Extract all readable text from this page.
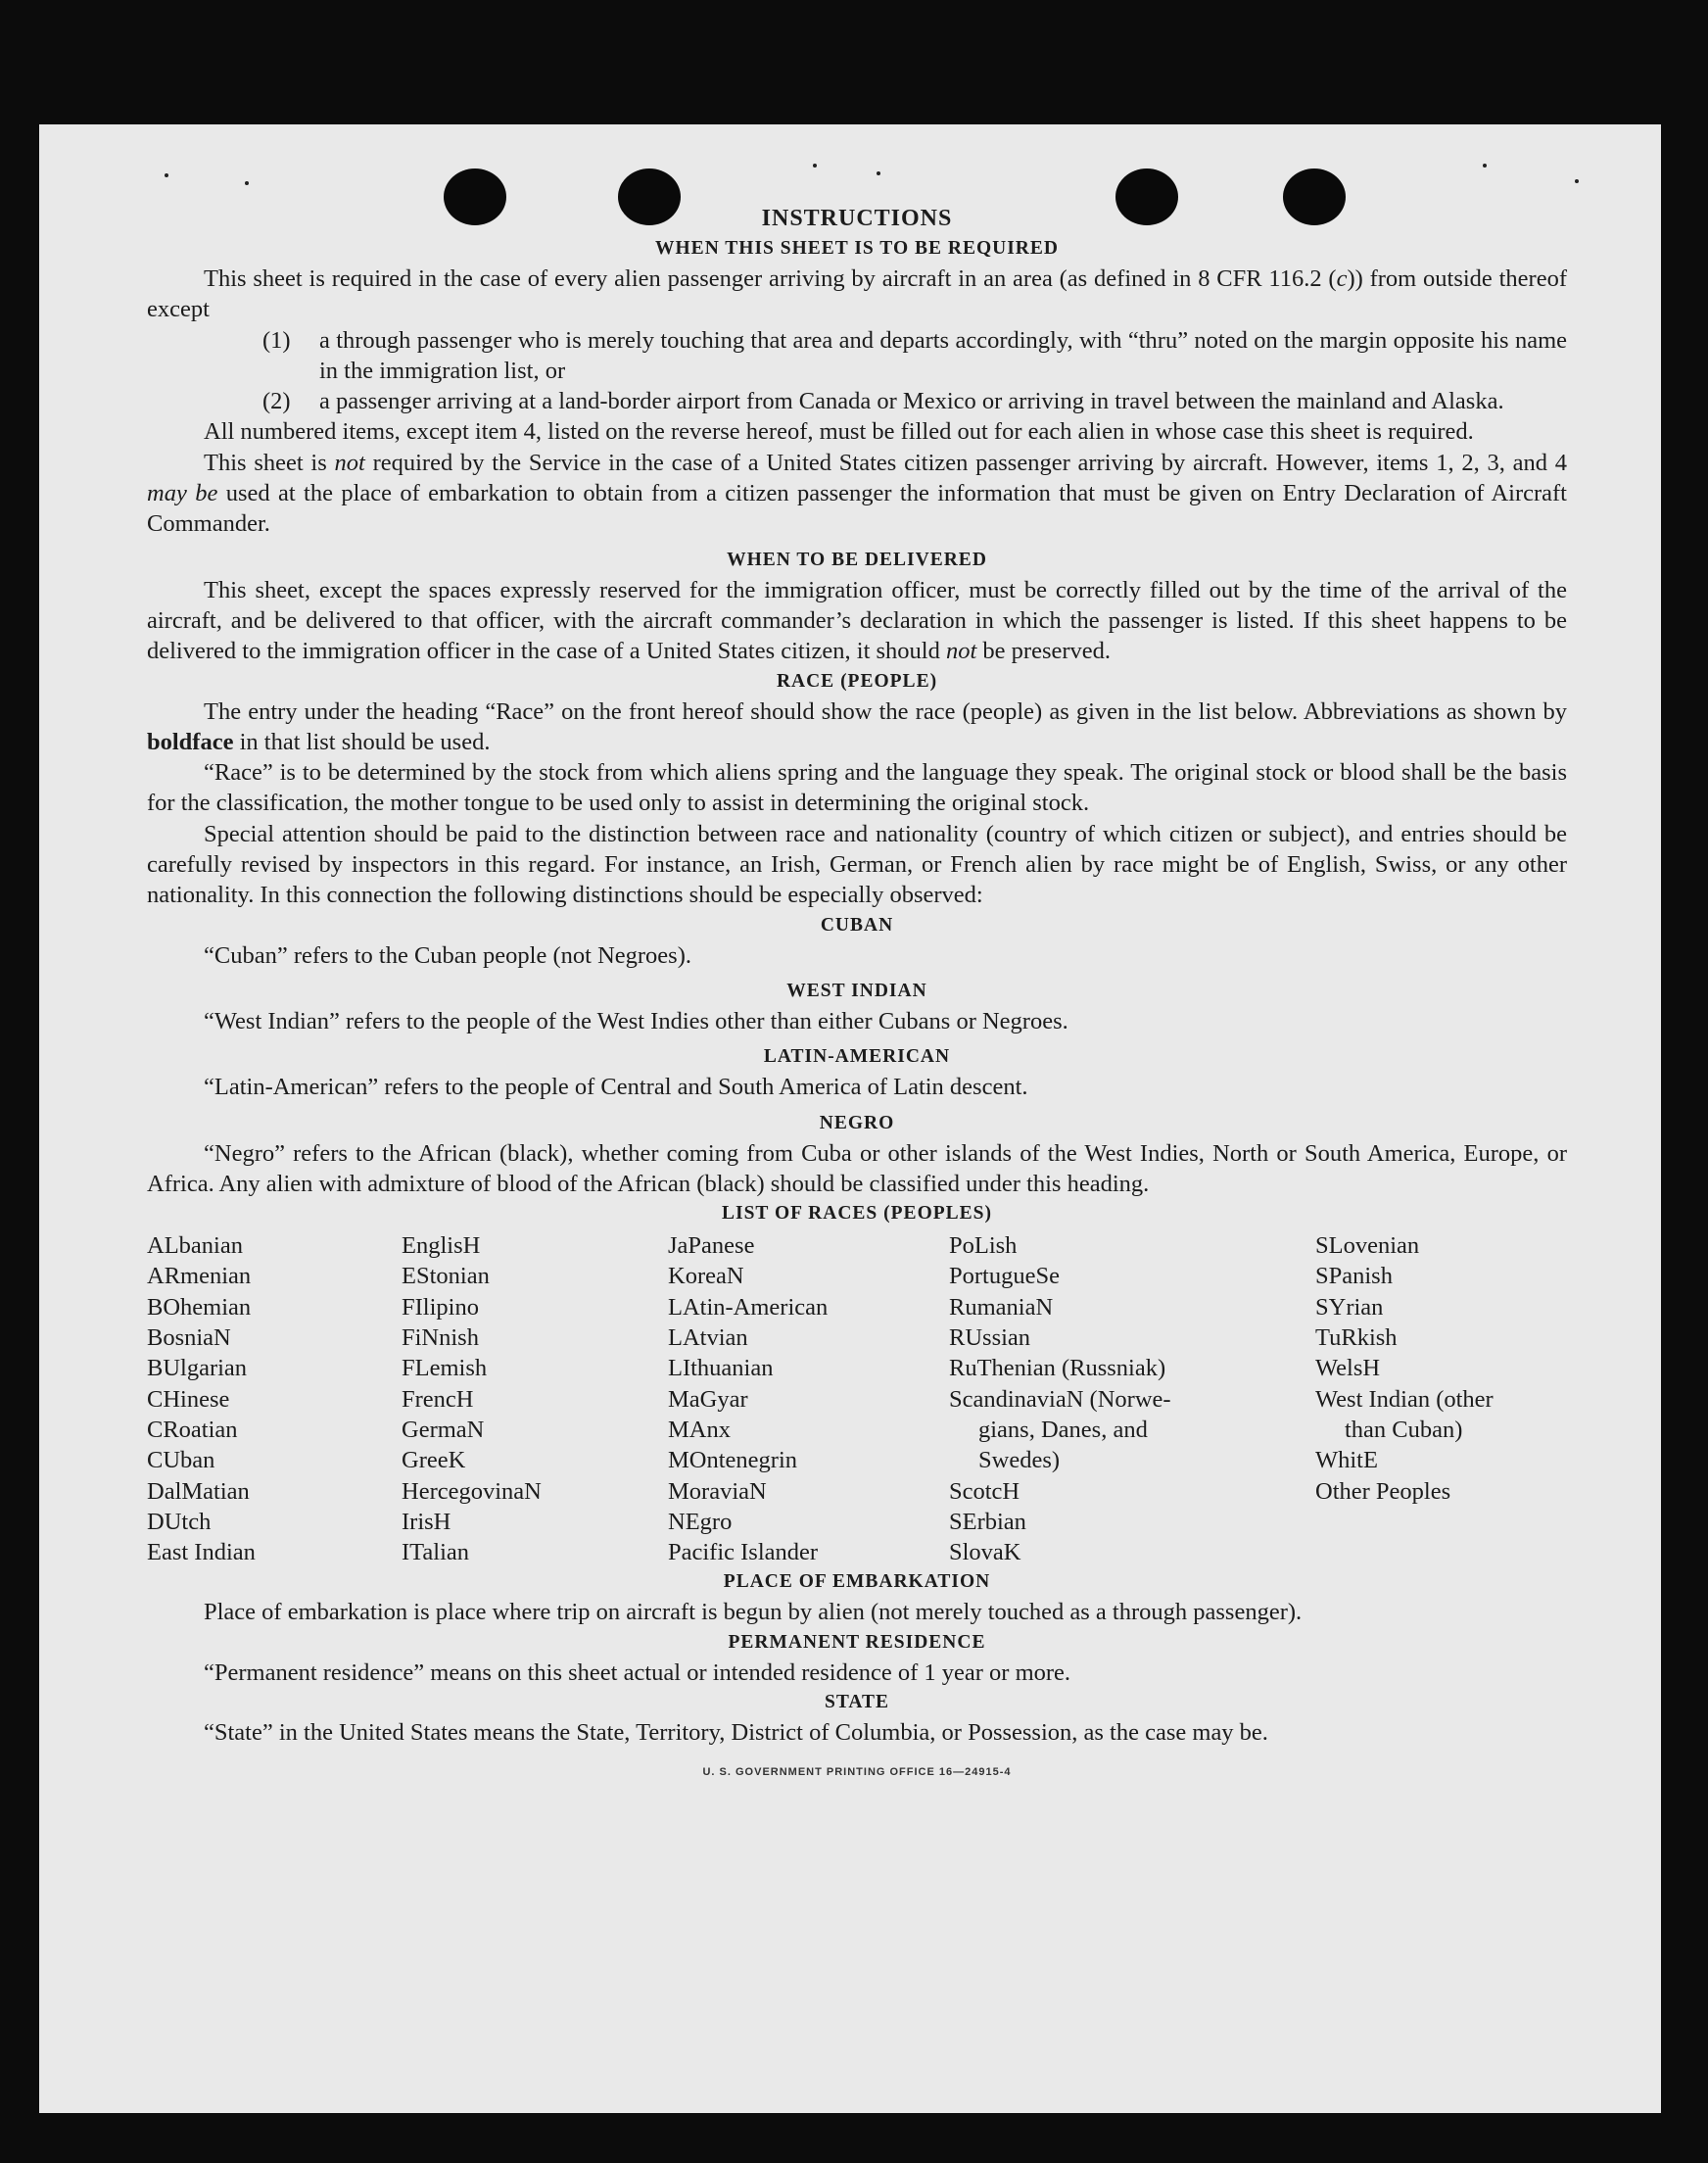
INSTRUCTIONS
WHEN THIS SHEET IS TO BE REQUIRED

This sheet is required in the case of every alien passenger arriving by aircraft in an area (as defined in 8 CFR 116.2 (c)) from outside thereof except

(1)	a through passenger who is merely touching that area and departs accordingly, with “thru” noted on the margin opposite his name in the immigration list, or
(2)	a passenger arriving at a land-border airport from Canada or Mexico or arriving in travel between the mainland and Alaska.

All numbered items, except item 4, listed on the reverse hereof, must be filled out for each alien in whose case this sheet is required.

This sheet is not required by the Service in the case of a United States citizen passenger arriving by aircraft. However, items 1, 2, 3, and 4 may be used at the place of embarkation to obtain from a citizen passenger the information that must be given on Entry Declaration of Aircraft Commander.

WHEN TO BE DELIVERED

This sheet, except the spaces expressly reserved for the immigration officer, must be correctly filled out by the time of the arrival of the aircraft, and be delivered to that officer, with the aircraft commander’s declaration in which the passenger is listed. If this sheet happens to be delivered to the immigration officer in the case of a United States citizen, it should not be preserved.

RACE (PEOPLE)

The entry under the heading “Race” on the front hereof should show the race (people) as given in the list below. Abbreviations as shown by boldface in that list should be used.

“Race” is to be determined by the stock from which aliens spring and the language they speak. The original stock or blood shall be the basis for the classification, the mother tongue to be used only to assist in determining the original stock.

Special attention should be paid to the distinction between race and nationality (country of which citizen or subject), and entries should be carefully revised by inspectors in this regard. For instance, an Irish, German, or French alien by race might be of English, Swiss, or any other nationality. In this connection the following distinctions should be especially observed:

CUBAN

“Cuban” refers to the Cuban people (not Negroes).

WEST INDIAN

“West Indian” refers to the people of the West Indies other than either Cubans or Negroes.

LATIN-AMERICAN

“Latin-American” refers to the people of Central and South America of Latin descent.

NEGRO

“Negro” refers to the African (black), whether coming from Cuba or other islands of the West Indies, North or South America, Europe, or Africa. Any alien with admixture of blood of the African (black) should be classified under this heading.

LIST OF RACES (PEOPLES)
ALbanian
ARmenian
BOhemian
BosniaN
BUlgarian
CHinese
CRoatian
CUban
DalMatian
DUtch
East Indian
EnglisH
EStonian
FIlipino
FiNnish
FLemish
FrencH
GermaN
GreeK
HercegovinaN
IrisH
ITalian
JaPanese
KoreaN
LAtin-American
LAtvian
LIthuanian
MaGyar
MAnx
MOntenegrin
MoraviaN
NEgro
Pacific Islander
PoLish
PortugueSe
RumaniaN
RUssian
RuThenian (Russniak)
ScandinaviaN (Norwe-
gians, Danes, and
Swedes)
ScotcH
SErbian
SlovaK
SLovenian
SPanish
SYrian
TuRkish
WelsH
West Indian (other
than Cuban)
WhitE
Other Peoples
PLACE OF EMBARKATION

Place of embarkation is place where trip on aircraft is begun by alien (not merely touched as a through passenger).

PERMANENT RESIDENCE

“Permanent residence” means on this sheet actual or intended residence of 1 year or more.

STATE

“State” in the United States means the State, Territory, District of Columbia, or Possession, as the case may be.

U. S. GOVERNMENT PRINTING OFFICE 16—24915-4
